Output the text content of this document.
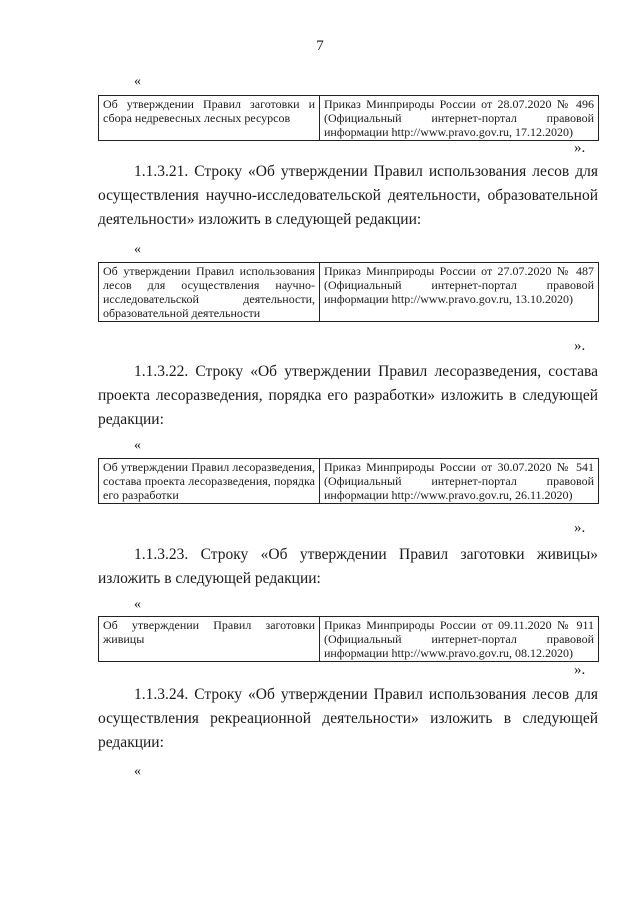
7
«
Об утверждении Правил заготовки и сбора недревесных лесных ресурсов	Приказ Минприроды России от 28.07.2020 № 496 (Официальный интернет-портал правовой информации http://www.pravo.gov.ru, 17.12.2020)
».
1.1.3.21. Строку «Об утверждении Правил использования лесов для осуществления научно-исследовательской деятельности, образовательной деятельности» изложить в следующей редакции:
«
Об утверждении Правил использования лесов для осуществления научно-исследовательской деятельности, образовательной деятельности	Приказ Минприроды России от 27.07.2020 № 487 (Официальный интернет-портал правовой информации http://www.pravo.gov.ru, 13.10.2020)
».
1.1.3.22. Строку «Об утверждении Правил лесоразведения, состава проекта лесоразведения, порядка его разработки» изложить в следующей редакции:
«
Об утверждении Правил лесоразведения, состава проекта лесоразведения, порядка его разработки	Приказ Минприроды России от 30.07.2020 № 541 (Официальный интернет-портал правовой информации http://www.pravo.gov.ru, 26.11.2020)
».
1.1.3.23. Строку «Об утверждении Правил заготовки живицы» изложить в следующей редакции:
«
Об утверждении Правил заготовки живицы	Приказ Минприроды России от 09.11.2020 № 911 (Официальный интернет-портал правовой информации http://www.pravo.gov.ru, 08.12.2020)
».
1.1.3.24. Строку «Об утверждении Правил использования лесов для осуществления рекреационной деятельности» изложить в следующей редакции:
«
